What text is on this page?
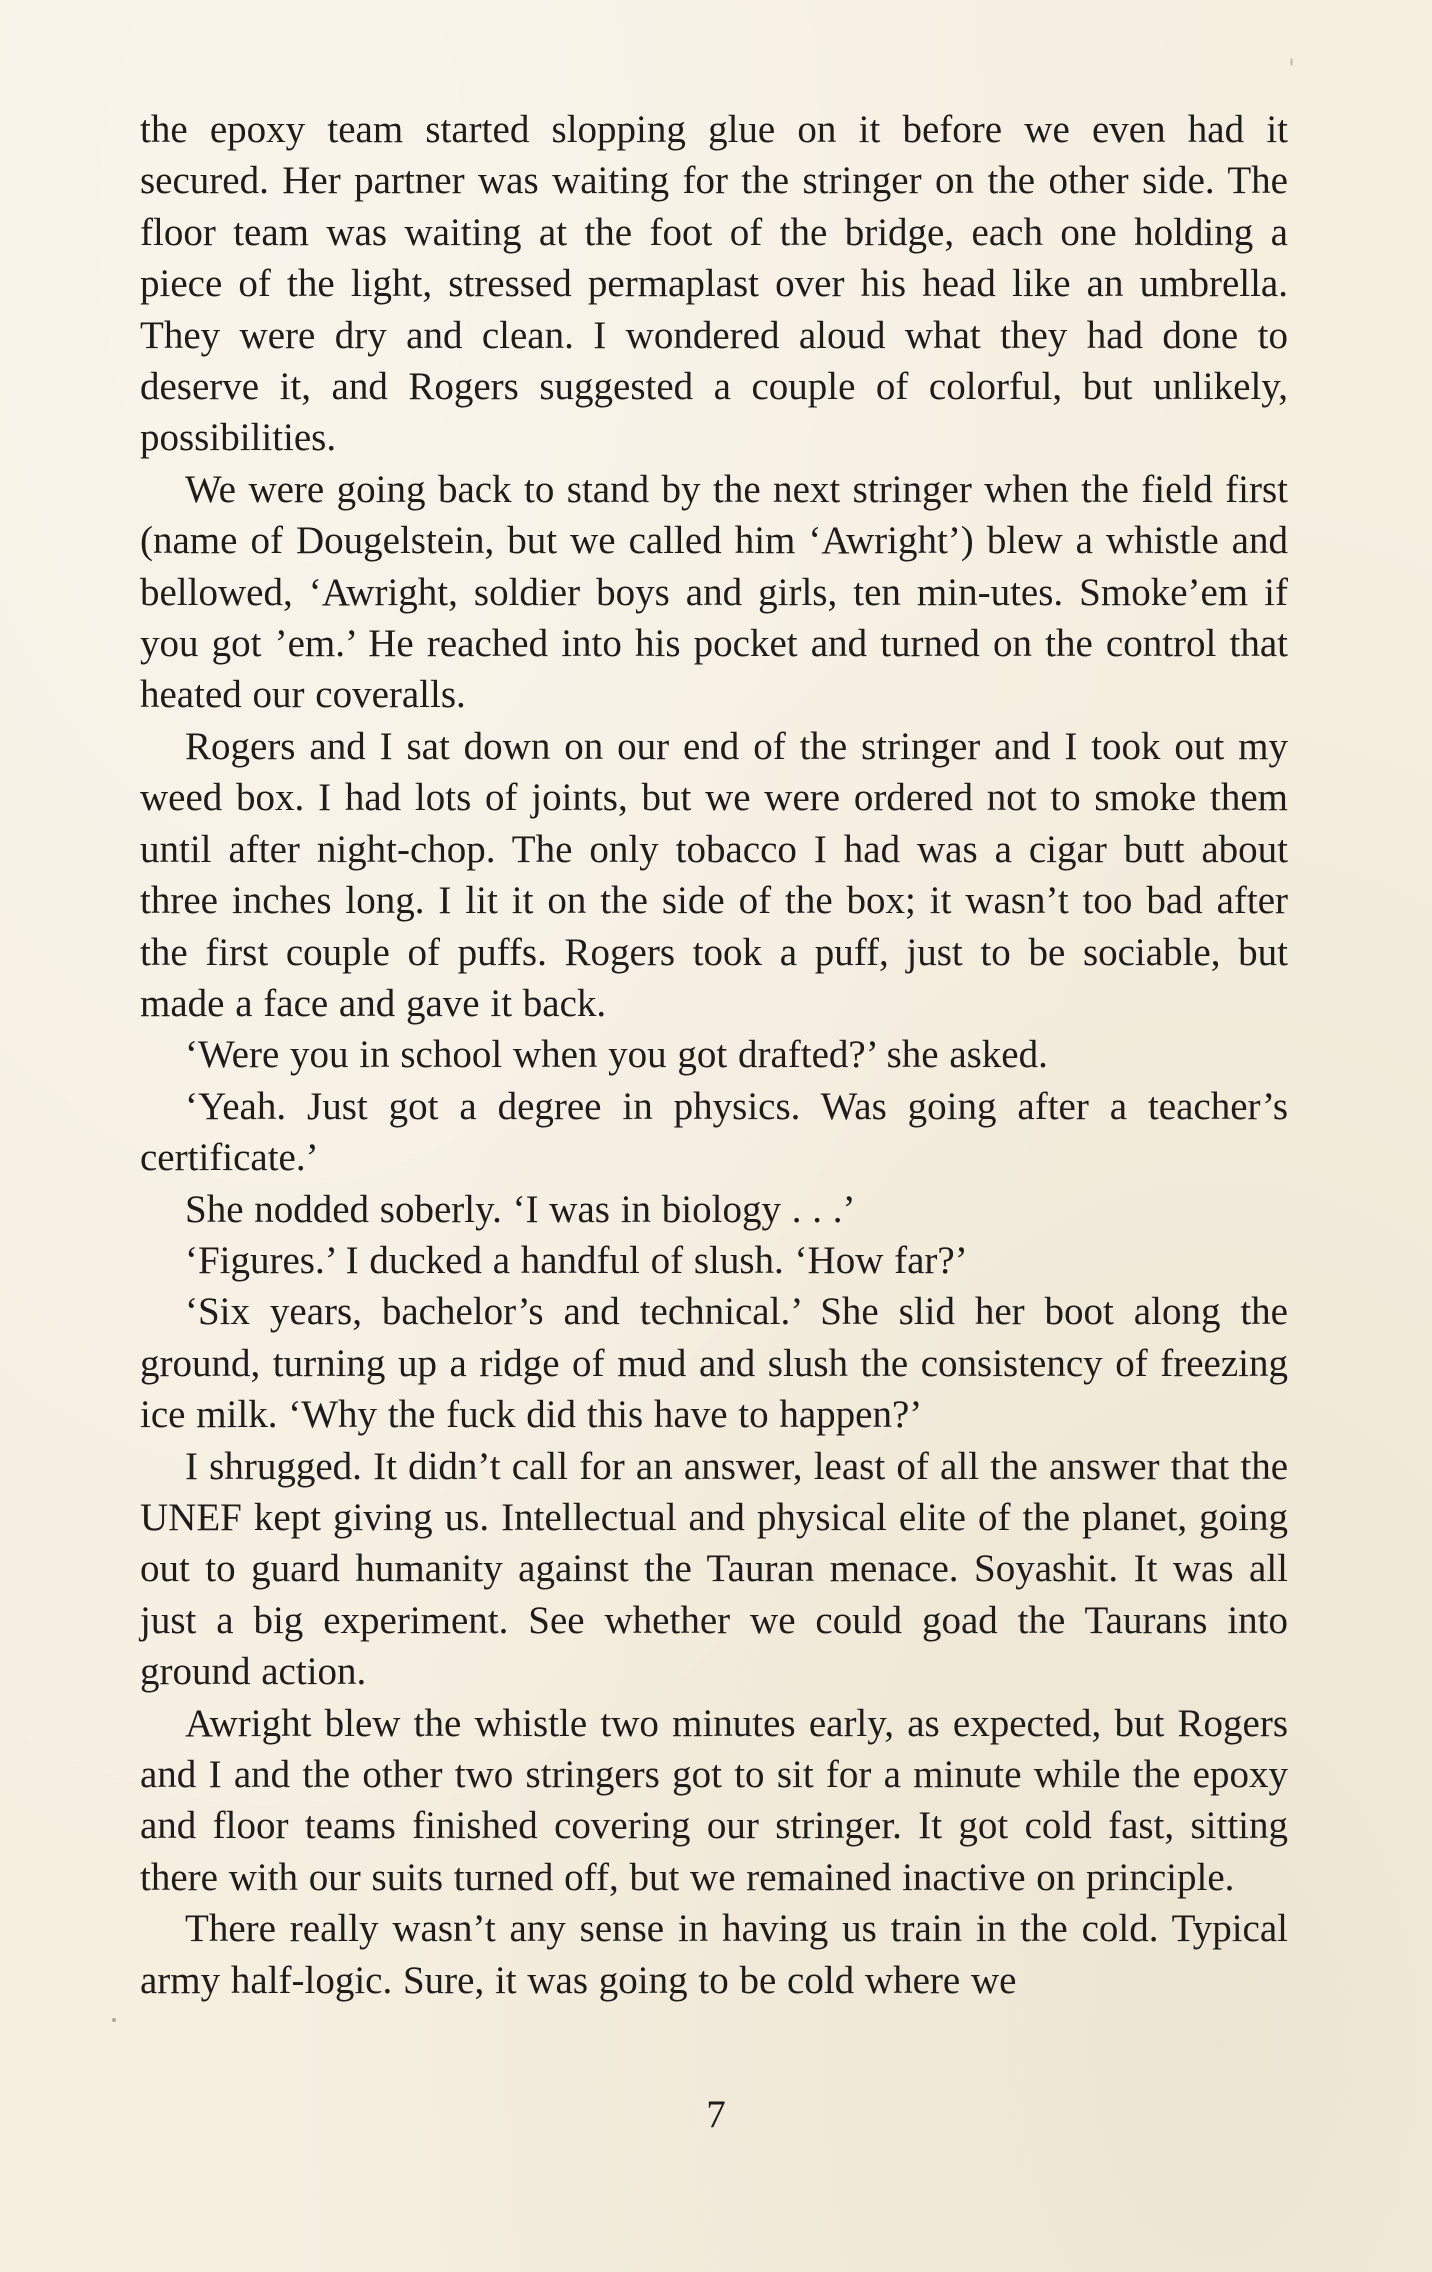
the epoxy team started slopping glue on it before we even had it secured. Her partner was waiting for the stringer on the other side. The floor team was waiting at the foot of the bridge, each one holding a piece of the light, stressed permaplast over his head like an umbrella. They were dry and clean. I wondered aloud what they had done to deserve it, and Rogers suggested a couple of colorful, but unlikely, possibilities.

We were going back to stand by the next stringer when the field first (name of Dougelstein, but we called him ‘Awright’) blew a whistle and bellowed, ‘Awright, soldier boys and girls, ten min-utes. Smoke’em if you got ’em.’ He reached into his pocket and turned on the control that heated our coveralls.

Rogers and I sat down on our end of the stringer and I took out my weed box. I had lots of joints, but we were ordered not to smoke them until after night-chop. The only tobacco I had was a cigar butt about three inches long. I lit it on the side of the box; it wasn’t too bad after the first couple of puffs. Rogers took a puff, just to be sociable, but made a face and gave it back.

‘Were you in school when you got drafted?’ she asked.

‘Yeah. Just got a degree in physics. Was going after a teacher’s certificate.’

She nodded soberly. ‘I was in biology . . .’

‘Figures.’ I ducked a handful of slush. ‘How far?’

‘Six years, bachelor’s and technical.’ She slid her boot along the ground, turning up a ridge of mud and slush the consistency of freezing ice milk. ‘Why the fuck did this have to happen?’

I shrugged. It didn’t call for an answer, least of all the answer that the UNEF kept giving us. Intellectual and physical elite of the planet, going out to guard humanity against the Tauran menace. Soyashit. It was all just a big experiment. See whether we could goad the Taurans into ground action.

Awright blew the whistle two minutes early, as expected, but Rogers and I and the other two stringers got to sit for a minute while the epoxy and floor teams finished covering our stringer. It got cold fast, sitting there with our suits turned off, but we remained inactive on principle.

There really wasn’t any sense in having us train in the cold. Typical army half-logic. Sure, it was going to be cold where we

7
